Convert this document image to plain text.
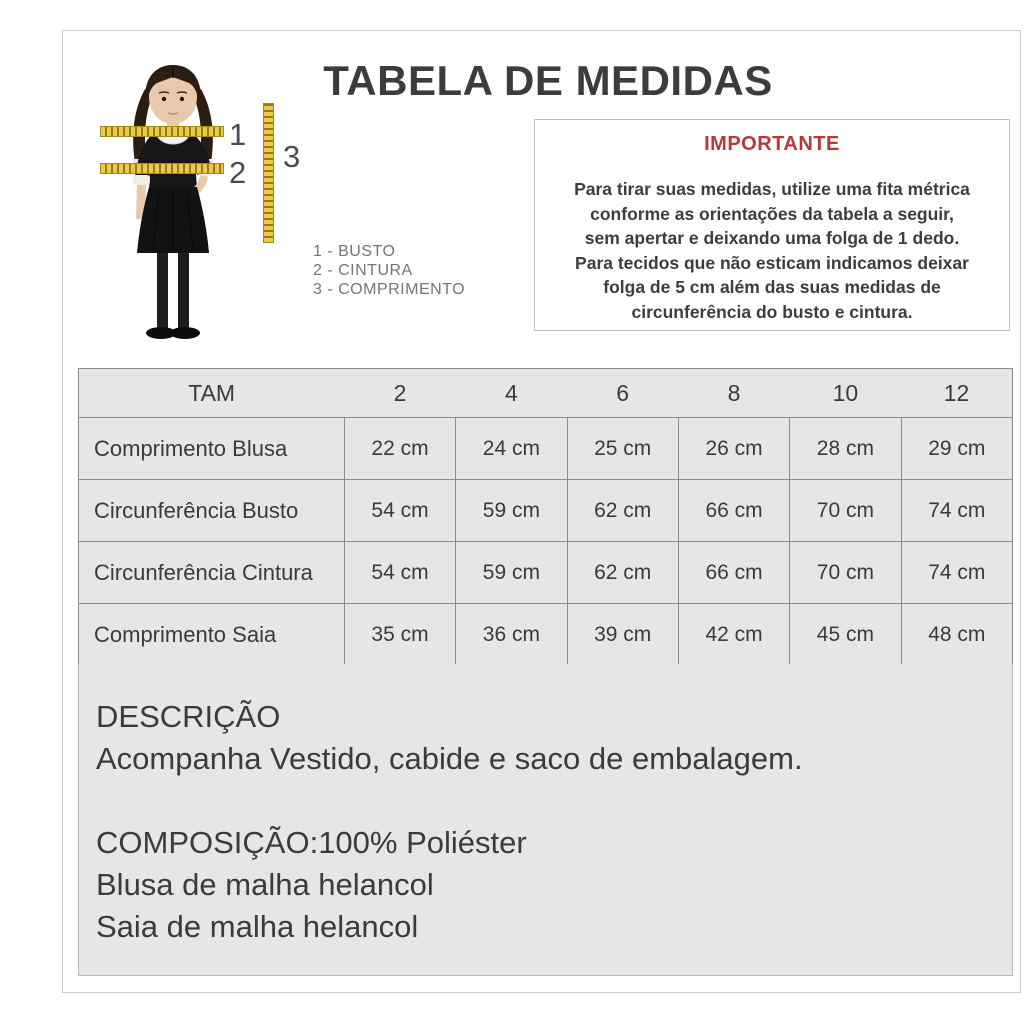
TABELA DE MEDIDAS
1
2 3
1 - BUSTO
2 - CINTURA
3 - COMPRIMENTO
IMPORTANTE
Para tirar suas medidas, utilize uma fita métrica
conforme as orientações da tabela a seguir,
sem apertar e deixando uma folga de 1 dedo.
Para tecidos que não esticam indicamos deixar
folga de 5 cm além das suas medidas de
circunferência do busto e cintura.
TAM	2	4	6	8	10	12
Comprimento Blusa	22 cm	24 cm	25 cm	26 cm	28 cm	29 cm
Circunferência Busto	54 cm	59 cm	62 cm	66 cm	70 cm	74 cm
Circunferência Cintura	54 cm	59 cm	62 cm	66 cm	70 cm	74 cm
Comprimento Saia	35 cm	36 cm	39 cm	42 cm	45 cm	48 cm
DESCRIÇÃO
Acompanha Vestido, cabide e saco de embalagem.
COMPOSIÇÃO:100% Poliéster
Blusa de malha helancol
Saia de malha helancol
